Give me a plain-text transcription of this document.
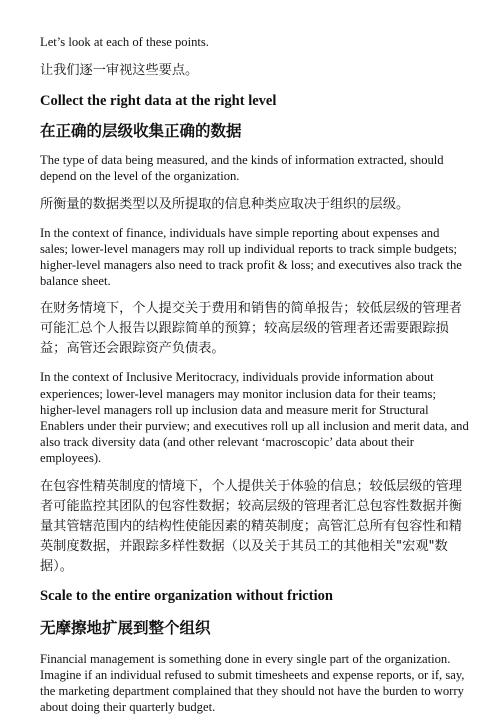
Let’s look at each of these points.

让我们逐一审视这些要点。

Collect the right data at the right level
在正确的层级收集正确的数据

The type of data being measured, and the kinds of information extracted, should depend on the level of the organization.

所衡量的数据类型以及所提取的信息种类应取决于组织的层级。

In the context of finance, individuals have simple reporting about expenses and sales; lower-level managers may roll up individual reports to track simple budgets; higher-level managers also need to track profit & loss; and executives also track the balance sheet.

在财务情境下，个人提交关于费用和销售的简单报告；较低层级的管理者可能汇总个人报告以跟踪简单的预算；较高层级的管理者还需要跟踪损益；高管还会跟踪资产负债表。

In the context of Inclusive Meritocracy, individuals provide information about experiences; lower-level managers may monitor inclusion data for their teams; higher-level managers roll up inclusion data and measure merit for Structural Enablers under their purview; and executives roll up all inclusion and merit data, and also track diversity data (and other relevant ‘macroscopic’ data about their employees).

在包容性精英制度的情境下，个人提供关于体验的信息；较低层级的管理者可能监控其团队的包容性数据；较高层级的管理者汇总包容性数据并衡量其管辖范围内的结构性使能因素的精英制度；高管汇总所有包容性和精英制度数据，并跟踪多样性数据（以及关于其员工的其他相关"宏观"数据）。

Scale to the entire organization without friction
无摩擦地扩展到整个组织

Financial management is something done in every single part of the organization. Imagine if an individual refused to submit timesheets and expense reports, or if, say, the marketing department complained that they should not have the burden to worry about doing their quarterly budget.
